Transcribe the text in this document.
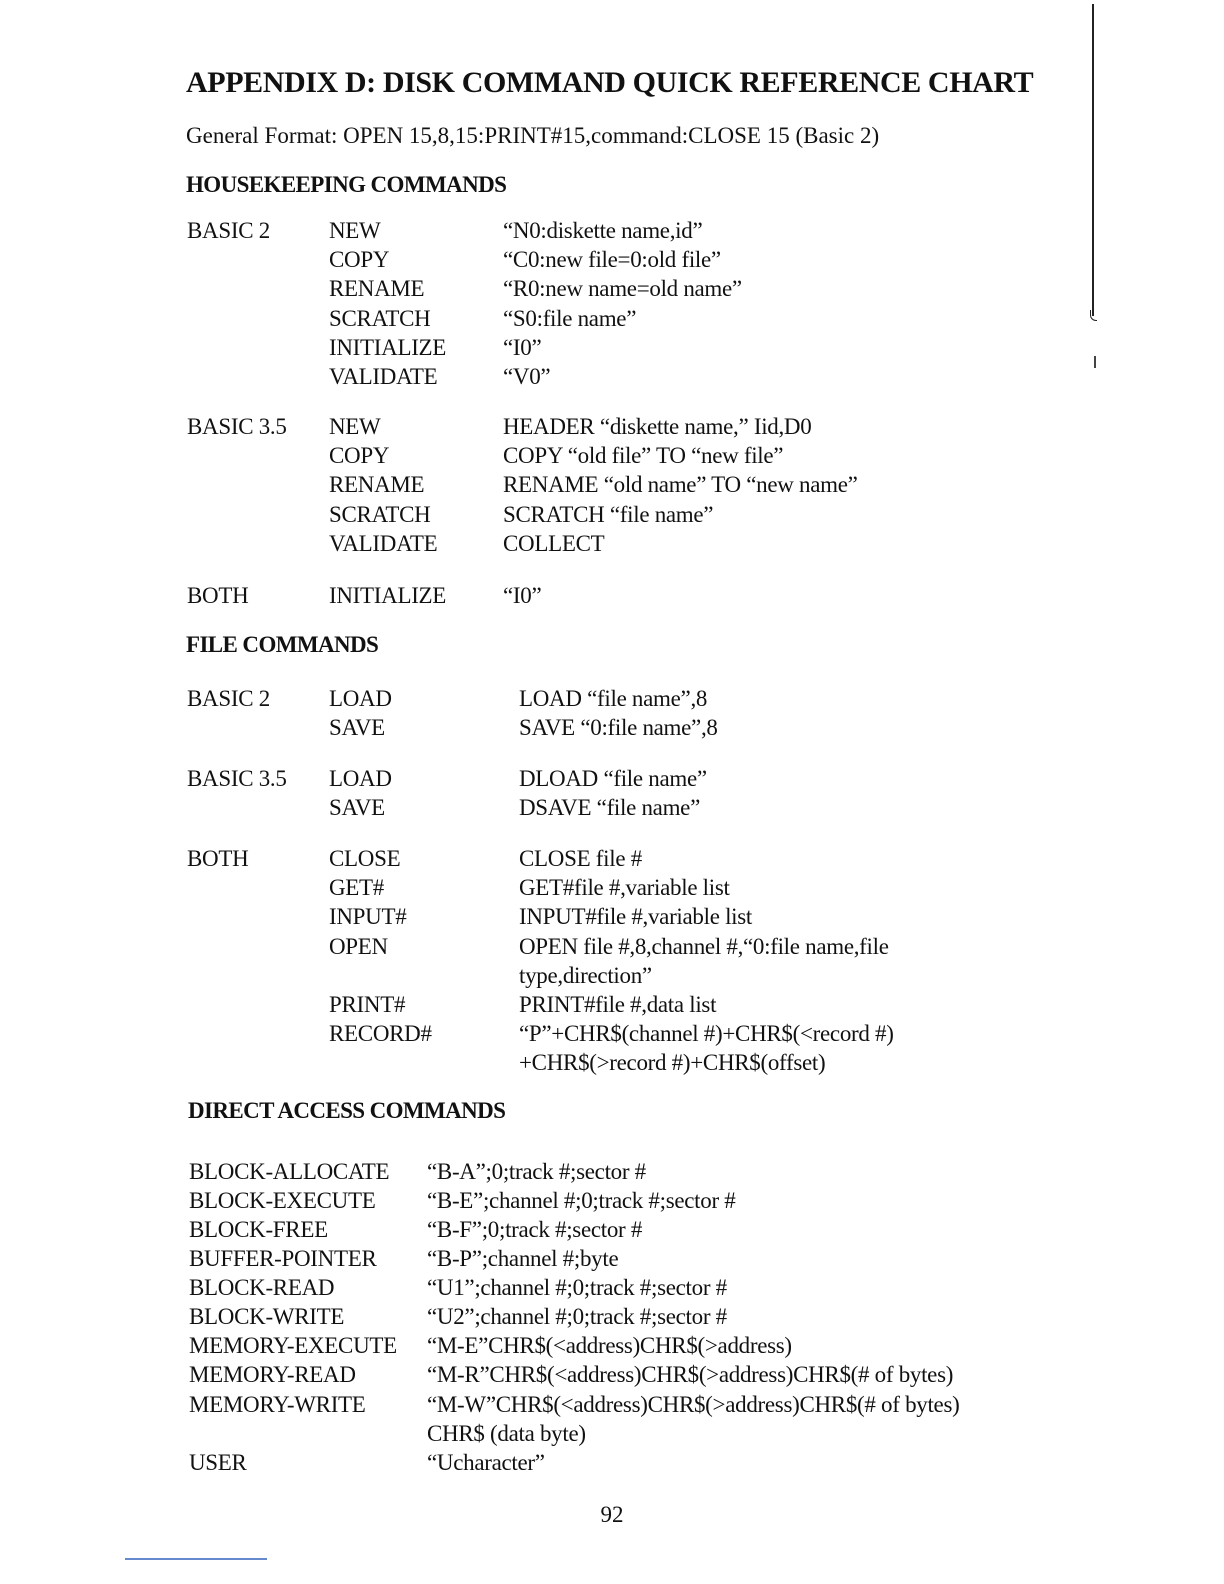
APPENDIX D: DISK COMMAND QUICK REFERENCE CHART

General Format: OPEN 15,8,15:PRINT#15,command:CLOSE 15 (Basic 2)

HOUSEKEEPING COMMANDS
BASIC 2	NEW	“N0:diskette name,id”
COPY	“C0:new file=0:old file”
RENAME	“R0:new name=old name”
SCRATCH	“S0:file name”
INITIALIZE “I0”
VALIDATE	“V0”
BASIC 3.5 NEW	HEADER “diskette name,” Iid,D0
COPY	COPY “old file” TO “new file”
RENAME	RENAME “old name” TO “new name”
SCRATCH	SCRATCH “file name”
VALIDATE	COLLECT
BOTH	INITIALIZE “I0”
FILE COMMANDS
BASIC 2	LOAD	LOAD “file name”,8
SAVE	SAVE “0:file name”,8
BASIC 3.5 LOAD	DLOAD “file name”
SAVE	DSAVE “file name”
BOTH	CLOSE	CLOSE file #
GET#	GET#file #,variable list
INPUT#	INPUT#file #,variable list
OPEN	OPEN file #,8,channel #,“0:file name,file
type,direction”
PRINT#	PRINT#file #,data list
RECORD#	“P”+CHR$(channel #)+CHR$(<record #)
+CHR$(>record #)+CHR$(offset)
DIRECT ACCESS COMMANDS
BLOCK-ALLOCATE “B-A”;0;track #;sector #
BLOCK-EXECUTE “B-E”;channel #;0;track #;sector #
BLOCK-FREE	“B-F”;0;track #;sector #
BUFFER-POINTER “B-P”;channel #;byte
BLOCK-READ	“U1”;channel #;0;track #;sector #
BLOCK-WRITE	“U2”;channel #;0;track #;sector #
MEMORY-EXECUTE “M-E”CHR$(<address)CHR$(>address)
MEMORY-READ	“M-R”CHR$(<address)CHR$(>address)CHR$(# of bytes)
MEMORY-WRITE	“M-W”CHR$(<address)CHR$(>address)CHR$(# of bytes)
CHR$ (data byte)
USER	“Ucharacter”
92
